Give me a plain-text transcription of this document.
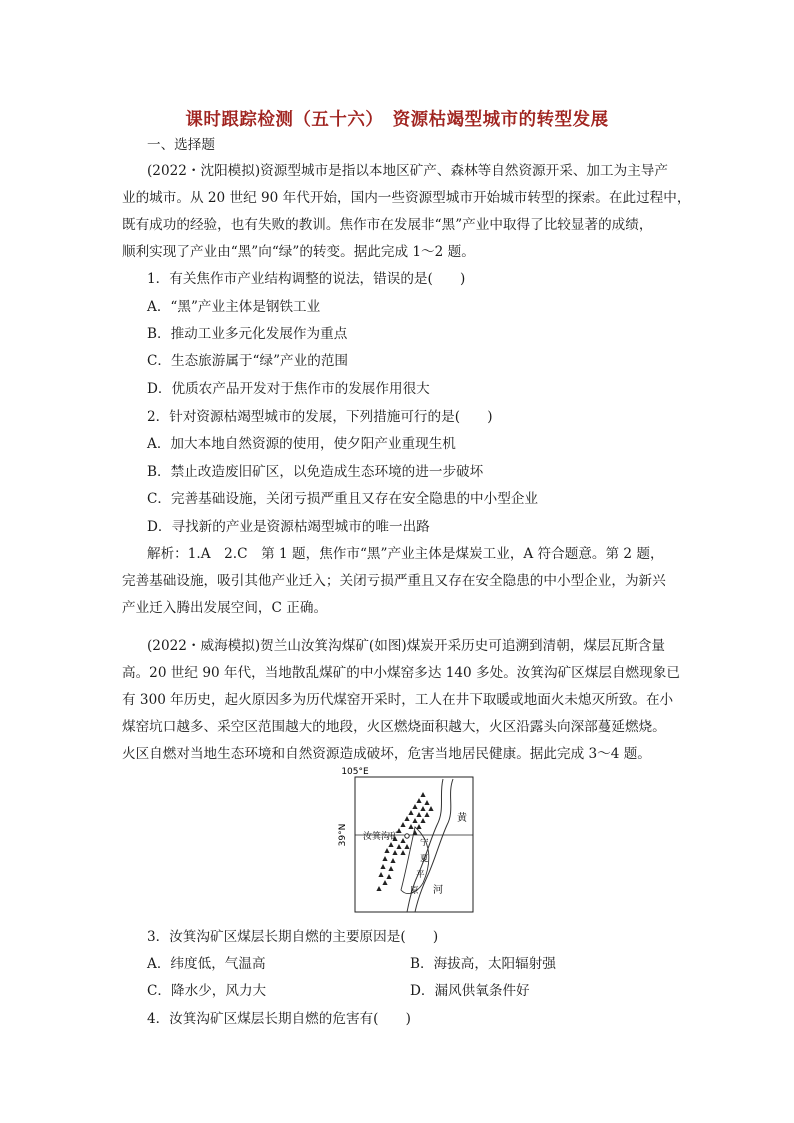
课时跟踪检测（五十六）　资源枯竭型城市的转型发展
一、选择题
(2022・沈阳模拟)资源型城市是指以本地区矿产、森林等自然资源开采、加工为主导产
业的城市。从 20 世纪 90 年代开始，国内一些资源型城市开始城市转型的探索。在此过程中，
既有成功的经验，也有失败的教训。焦作市在发展非“黑”产业中取得了比较显著的成绩，
顺利实现了产业由“黑”向“绿”的转变。据此完成 1～2 题。
1．有关焦作市产业结构调整的说法，错误的是(　　)
A．“黑”产业主体是钢铁工业
B．推动工业多元化发展作为重点
C．生态旅游属于“绿”产业的范围
D．优质农产品开发对于焦作市的发展作用很大
2．针对资源枯竭型城市的发展，下列措施可行的是(　　)
A．加大本地自然资源的使用，使夕阳产业重现生机
B．禁止改造废旧矿区，以免造成生态环境的进一步破坏
C．完善基础设施，关闭亏损严重且又存在安全隐患的中小型企业
D．寻找新的产业是资源枯竭型城市的唯一出路
解析：1.A　2.C　第 1 题，焦作市“黑”产业主体是煤炭工业，A 符合题意。第 2 题，
完善基础设施，吸引其他产业迁入；关闭亏损严重且又存在安全隐患的中小型企业，为新兴
产业迁入腾出发展空间，C 正确。
(2022・威海模拟)贺兰山汝箕沟煤矿(如图)煤炭开采历史可追溯到清朝，煤层瓦斯含量
高。20 世纪 90 年代，当地散乱煤矿的中小煤窑多达 140 多处。汝箕沟矿区煤层自燃现象已
有 300 年历史，起火原因多为历代煤窑开采时，工人在井下取暖或地面火未熄灭所致。在小
煤窑坑口越多、采空区范围越大的地段，火区燃烧面积越大，火区沿露头向深部蔓延燃烧。
火区自燃对当地生态环境和自然资源造成破坏，危害当地居民健康。据此完成 3～4 题。
105°E
39°N 汝箕沟矿
黄
河
宁
夏
平
原
3．汝箕沟矿区煤层长期自燃的主要原因是(　　)
A．纬度低，气温高	B．海拔高，太阳辐射强
C．降水少，风力大	D．漏风供氧条件好
4．汝箕沟矿区煤层长期自燃的危害有(　　)
